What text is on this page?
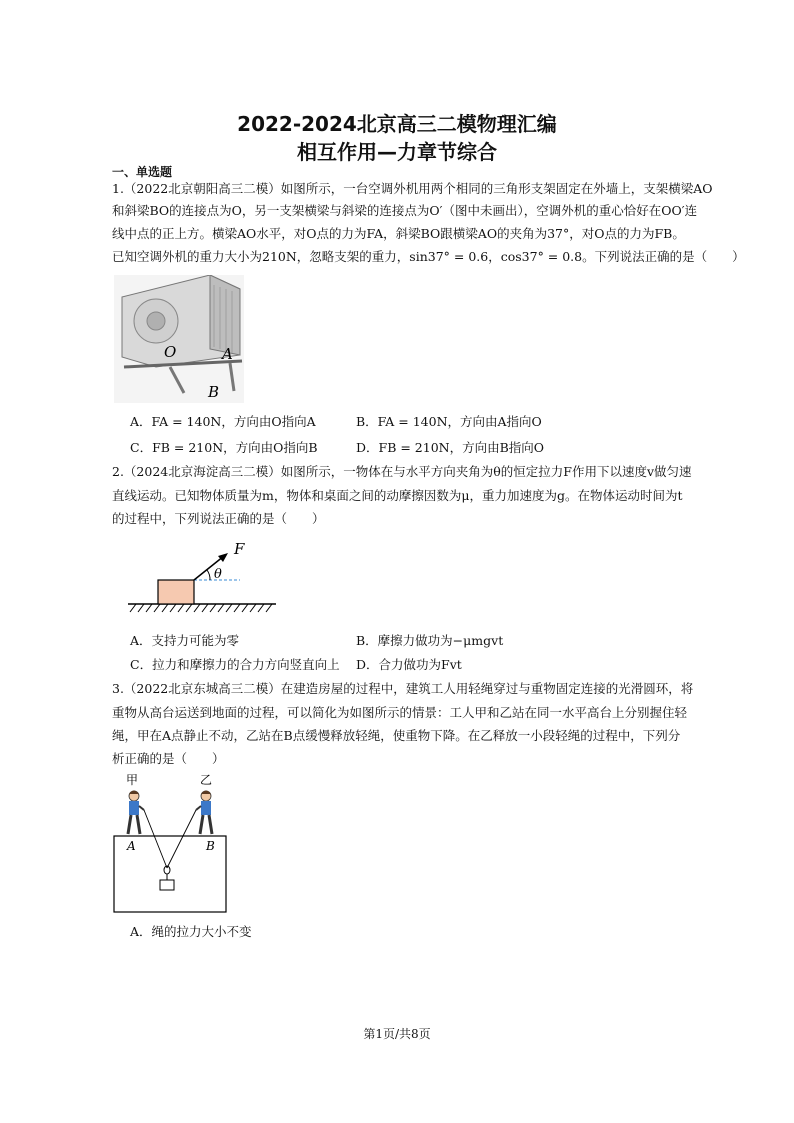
2022-2024北京高三二模物理汇编
相互作用—力章节综合
一、单选题
1.（2022北京朝阳高三二模）如图所示，一台空调外机用两个相同的三角形支架固定在外墙上，支架横梁AO
和斜梁BO的连接点为O，另一支架横梁与斜梁的连接点为O′（图中未画出），空调外机的重心恰好在OO′连
线中点的正上方。横梁AO水平，对O点的力为FA，斜梁BO跟横梁AO的夹角为37°，对O点的力为FB。
已知空调外机的重力大小为210N，忽略支架的重力，sin37° = 0.6，cos37° = 0.8。下列说法正确的是（　　）
O	A
B
A．FA = 140N，方向由O指向A	B．FA = 140N，方向由A指向O
C．FB = 210N，方向由O指向B	D．FB = 210N，方向由B指向O
2.（2024北京海淀高三二模）如图所示，一物体在与水平方向夹角为θ的恒定拉力F作用下以速度v做匀速
直线运动。已知物体质量为m，物体和桌面之间的动摩擦因数为μ，重力加速度为g。在物体运动时间为t
的过程中，下列说法正确的是（　　）
F
θ
A．支持力可能为零	B．摩擦力做功为−μmgvt
C．拉力和摩擦力的合力方向竖直向上 D．合力做功为Fvt
3.（2022北京东城高三二模）在建造房屋的过程中，建筑工人用轻绳穿过与重物固定连接的光滑圆环，将
重物从高台运送到地面的过程，可以简化为如图所示的情景：工人甲和乙站在同一水平高台上分别握住轻
绳，甲在A点静止不动，乙站在B点缓慢释放轻绳，使重物下降。在乙释放一小段轻绳的过程中，下列分
析正确的是（　　）
甲	乙
A	B
A．绳的拉力大小不变
第1页/共8页
